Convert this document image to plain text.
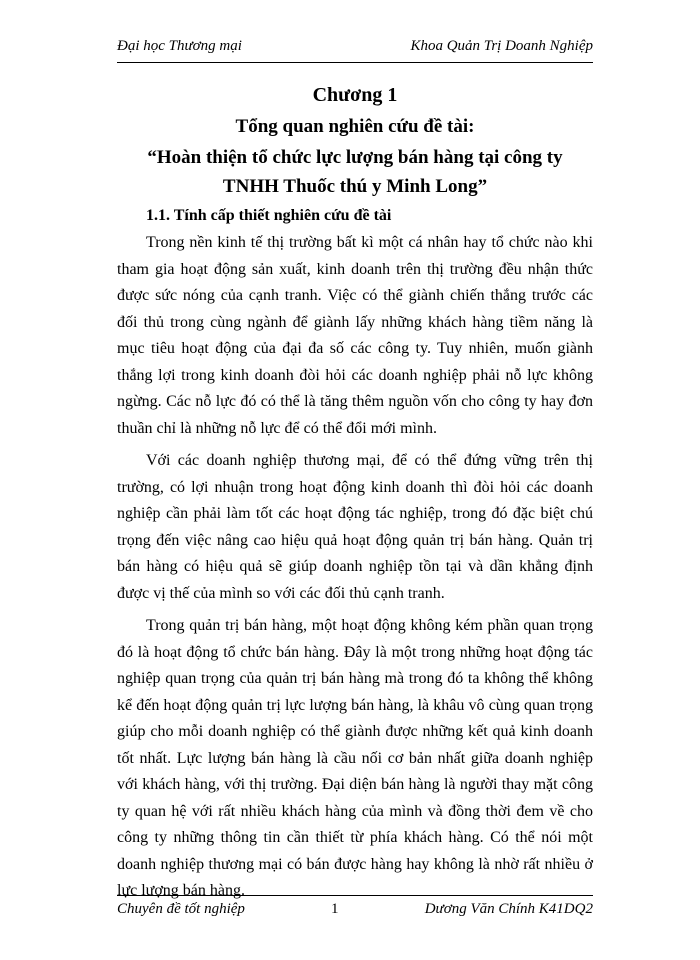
Đại học Thương mại	Khoa Quản Trị Doanh Nghiệp
Chương 1
Tổng quan nghiên cứu đề tài:
“Hoàn thiện tổ chức lực lượng bán hàng tại công ty
TNHH Thuốc thú y Minh Long”
1.1. Tính cấp thiết nghiên cứu đề tài

Trong nền kinh tế thị trường bất kì một cá nhân hay tổ chức nào khi tham gia hoạt động sản xuất, kinh doanh trên thị trường đều nhận thức được sức nóng của cạnh tranh. Việc có thể giành chiến thắng trước các đối thủ trong cùng ngành để giành lấy những khách hàng tiềm năng là mục tiêu hoạt động của đại đa số các công ty. Tuy nhiên, muốn giành thắng lợi trong kinh doanh đòi hỏi các doanh nghiệp phải nỗ lực không ngừng. Các nỗ lực đó có thể là tăng thêm nguồn vốn cho công ty hay đơn thuần chỉ là những nỗ lực để có thể đổi mới mình.

Với các doanh nghiệp thương mại, để có thể đứng vững trên thị trường, có lợi nhuận trong hoạt động kinh doanh thì đòi hỏi các doanh nghiệp cần phải làm tốt các hoạt động tác nghiệp, trong đó đặc biệt chú trọng đến việc nâng cao hiệu quả hoạt động quản trị bán hàng. Quản trị bán hàng có hiệu quả sẽ giúp doanh nghiệp tồn tại và dần khẳng định được vị thế của mình so với các đối thủ cạnh tranh.

Trong quản trị bán hàng, một hoạt động không kém phần quan trọng đó là hoạt động tổ chức bán hàng. Đây là một trong những hoạt động tác nghiệp quan trọng của quản trị bán hàng mà trong đó ta không thể không kể đến hoạt động quản trị lực lượng bán hàng, là khâu vô cùng quan trọng giúp cho mỗi doanh nghiệp có thể giành được những kết quả kinh doanh tốt nhất. Lực lượng bán hàng là cầu nối cơ bản nhất giữa doanh nghiệp với khách hàng, với thị trường. Đại diện bán hàng là người thay mặt công ty quan hệ với rất nhiều khách hàng của mình và đồng thời đem về cho công ty những thông tin cần thiết từ phía khách hàng. Có thể nói một doanh nghiệp thương mại có bán được hàng hay không là nhờ rất nhiều ở lực lượng bán hàng.

Chuyên đề tốt nghiệp	1	Dương Văn Chính K41DQ2
